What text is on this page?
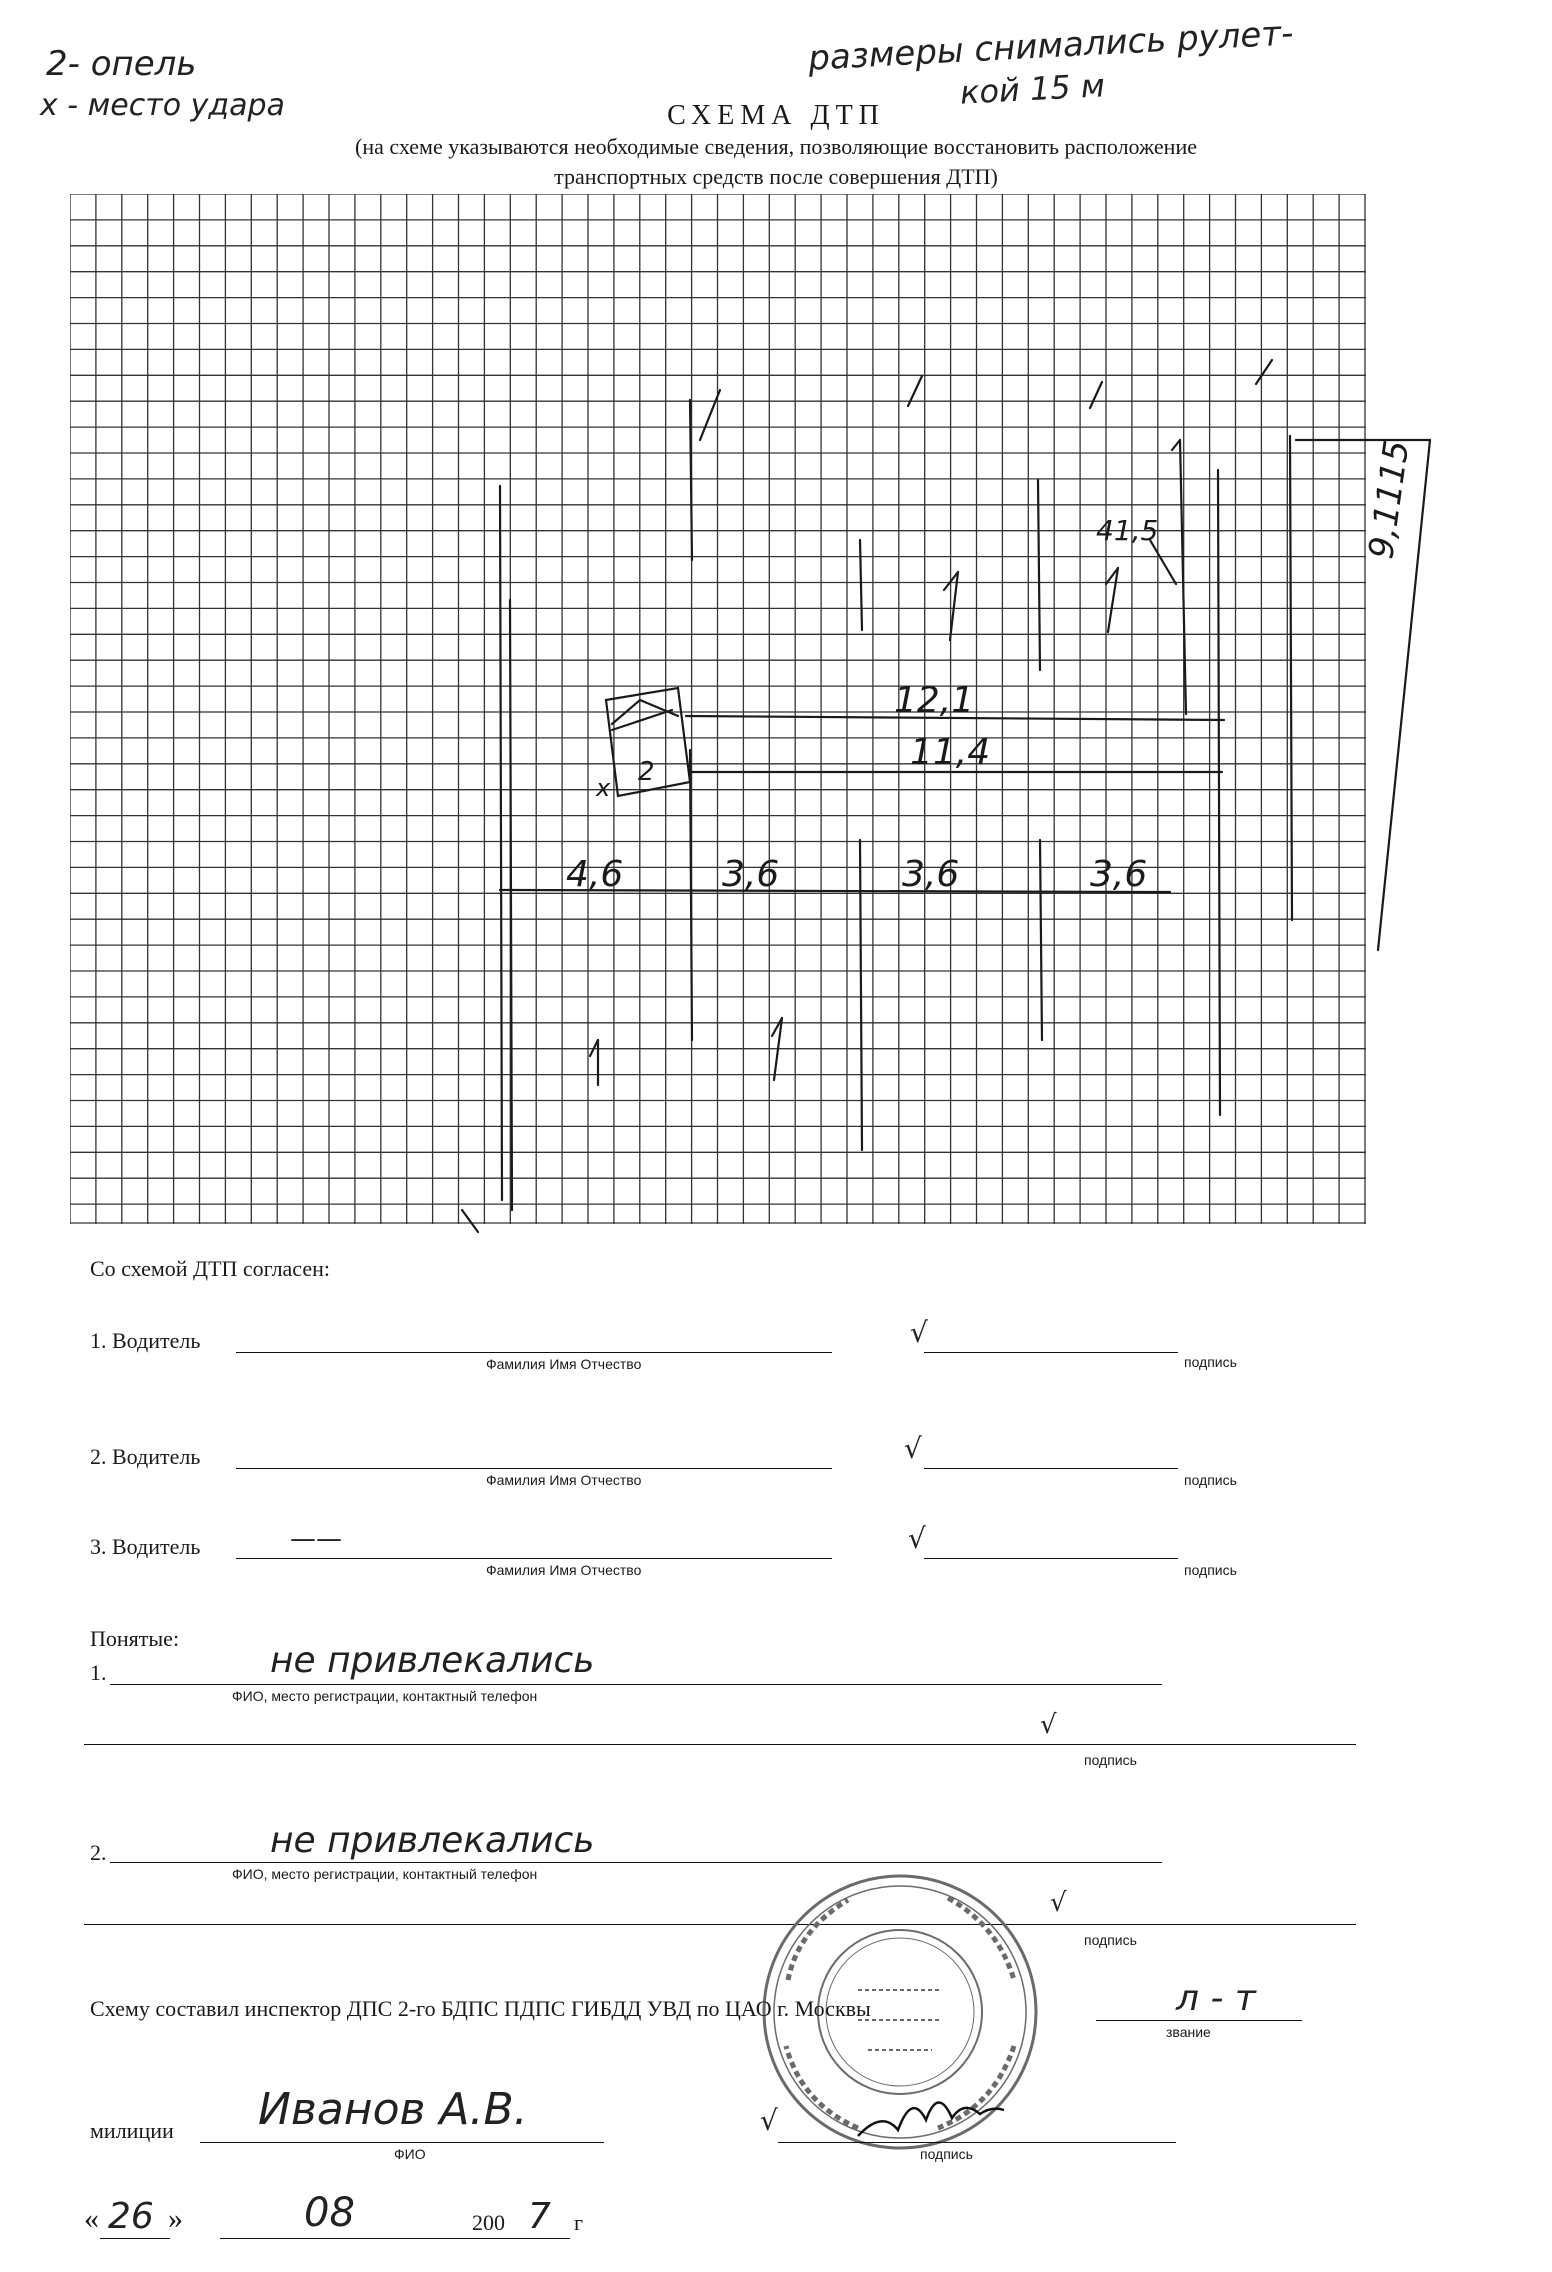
2- опель
х - место удара
размеры снимались рулет-
кой 15 м
СХЕМА ДТП
(на схеме указываются необходимые сведения, позволяющие восстановить расположение
транспортных средств после совершения ДТП)
2
х
9,1115
41,5
12,1
11,4
4,6	3,6	3,6	3,6
Со схемой ДТП согласен:
1. Водитель
Фамилия Имя Отчество
√
подпись
2. Водитель
Фамилия Имя Отчество
√
подпись
3. Водитель	——
Фамилия Имя Отчество
√
подпись
Понятые:
1.	не привлекались
ФИО, место регистрации, контактный телефон
√
подпись
2.	не привлекались
ФИО, место регистрации, контактный телефон
√
подпись
Схему составил инспектор ДПС 2-го БДПС ПДПС ГИБДД УВД по ЦАО г. Москвы	л - т
звание
милиции Иванов А.В.
ФИО
√
подпись
« 26 »	08	200 7 г
